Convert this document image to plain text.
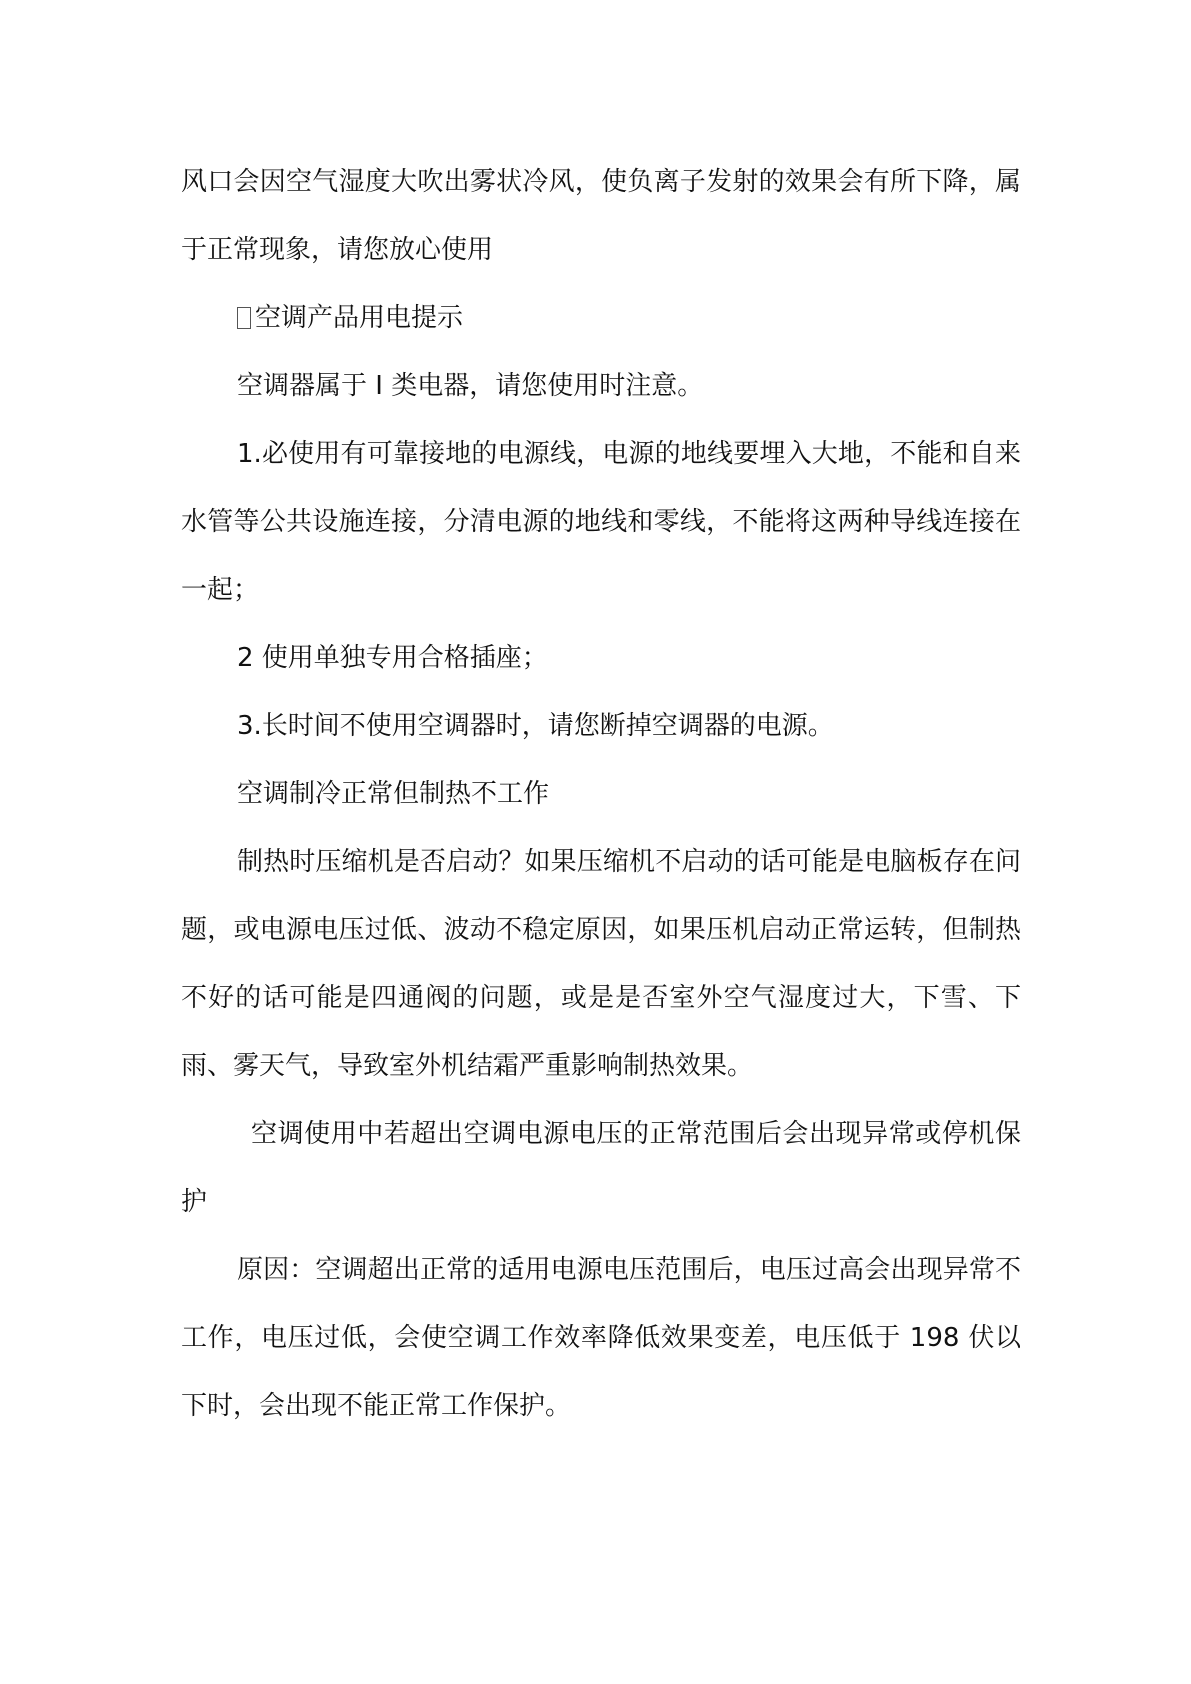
风口会因空气湿度大吹出雾状冷风，使负离子发射的效果会有所下降，属于正常现象，请您放心使用

空调产品用电提示

空调器属于 I 类电器，请您使用时注意。

1.必使用有可靠接地的电源线，电源的地线要埋入大地，不能和自来水管等公共设施连接，分清电源的地线和零线，不能将这两种导线连接在一起；

2 使用单独专用合格插座；

3.长时间不使用空调器时，请您断掉空调器的电源。

空调制冷正常但制热不工作

制热时压缩机是否启动？如果压缩机不启动的话可能是电脑板存在问题，或电源电压过低、波动不稳定原因，如果压机启动正常运转，但制热不好的话可能是四通阀的问题，或是是否室外空气湿度过大，下雪、下雨、雾天气，导致室外机结霜严重影响制热效果。

空调使用中若超出空调电源电压的正常范围后会出现异常或停机保护

原因：空调超出正常的适用电源电压范围后，电压过高会出现异常不工作，电压过低，会使空调工作效率降低效果变差，电压低于 198 伏以下时，会出现不能正常工作保护。
